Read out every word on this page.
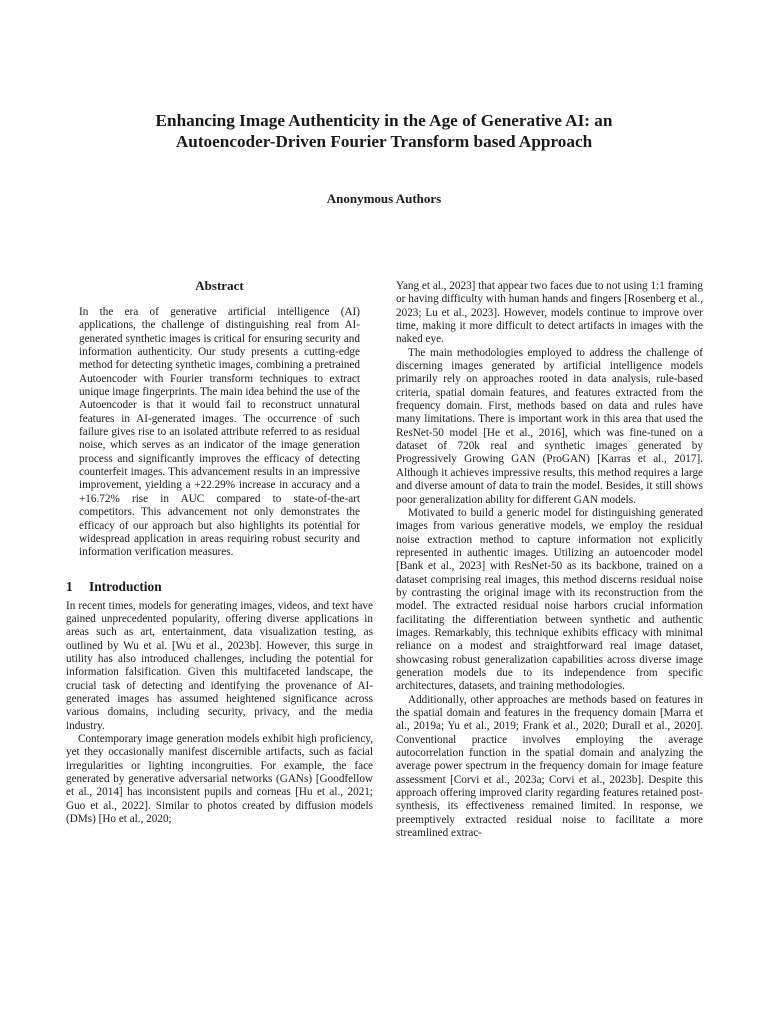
Enhancing Image Authenticity in the Age of Generative AI: an
Autoencoder-Driven Fourier Transform based Approach
Anonymous Authors
Abstract

In the era of generative artificial intelligence (AI) applications, the challenge of distinguishing real from AI-generated synthetic images is critical for ensuring security and information authenticity. Our study presents a cutting-edge method for detecting synthetic images, combining a pretrained Autoencoder with Fourier transform techniques to extract unique image fingerprints. The main idea behind the use of the Autoencoder is that it would fail to reconstruct unnatural features in AI-generated images. The occurrence of such failure gives rise to an isolated attribute referred to as residual noise, which serves as an indicator of the image generation process and significantly improves the efficacy of detecting counterfeit images. This advancement results in an impressive improvement, yielding a +22.29% increase in accuracy and a +16.72% rise in AUC compared to state-of-the-art competitors. This advancement not only demonstrates the efficacy of our approach but also highlights its potential for widespread application in areas requiring robust security and information verification measures.

1 Introduction

In recent times, models for generating images, videos, and text have gained unprecedented popularity, offering diverse applications in areas such as art, entertainment, data visualization testing, as outlined by Wu et al. [Wu et al., 2023b]. However, this surge in utility has also introduced challenges, including the potential for information falsification. Given this multifaceted landscape, the crucial task of detecting and identifying the provenance of AI-generated images has assumed heightened significance across various domains, including security, privacy, and the media industry.

Contemporary image generation models exhibit high proficiency, yet they occasionally manifest discernible artifacts, such as facial irregularities or lighting incongruities. For example, the face generated by generative adversarial networks (GANs) [Goodfellow et al., 2014] has inconsistent pupils and corneas [Hu et al., 2021; Guo et al., 2022]. Similar to photos created by diffusion models (DMs) [Ho et al., 2020;

Yang et al., 2023] that appear two faces due to not using 1:1 framing or having difficulty with human hands and fingers [Rosenberg et al., 2023; Lu et al., 2023]. However, models continue to improve over time, making it more difficult to detect artifacts in images with the naked eye.

The main methodologies employed to address the challenge of discerning images generated by artificial intelligence models primarily rely on approaches rooted in data analysis, rule-based criteria, spatial domain features, and features extracted from the frequency domain. First, methods based on data and rules have many limitations. There is important work in this area that used the ResNet-50 model [He et al., 2016], which was fine-tuned on a dataset of 720k real and synthetic images generated by Progressively Growing GAN (ProGAN) [Karras et al., 2017]. Although it achieves impressive results, this method requires a large and diverse amount of data to train the model. Besides, it still shows poor generalization ability for different GAN models.

Motivated to build a generic model for distinguishing generated images from various generative models, we employ the residual noise extraction method to capture information not explicitly represented in authentic images. Utilizing an autoencoder model [Bank et al., 2023] with ResNet-50 as its backbone, trained on a dataset comprising real images, this method discerns residual noise by contrasting the original image with its reconstruction from the model. The extracted residual noise harbors crucial information facilitating the differentiation between synthetic and authentic images. Remarkably, this technique exhibits efficacy with minimal reliance on a modest and straightforward real image dataset, showcasing robust generalization capabilities across diverse image generation models due to its independence from specific architectures, datasets, and training methodologies.

Additionally, other approaches are methods based on features in the spatial domain and features in the frequency domain [Marra et al., 2019a; Yu et al., 2019; Frank et al., 2020; Durall et al., 2020]. Conventional practice involves employing the average autocorrelation function in the spatial domain and analyzing the average power spectrum in the frequency domain for image feature assessment [Corvi et al., 2023a; Corvi et al., 2023b]. Despite this approach offering improved clarity regarding features retained post-synthesis, its effectiveness remained limited. In response, we preemptively extracted residual noise to facilitate a more streamlined extrac-
